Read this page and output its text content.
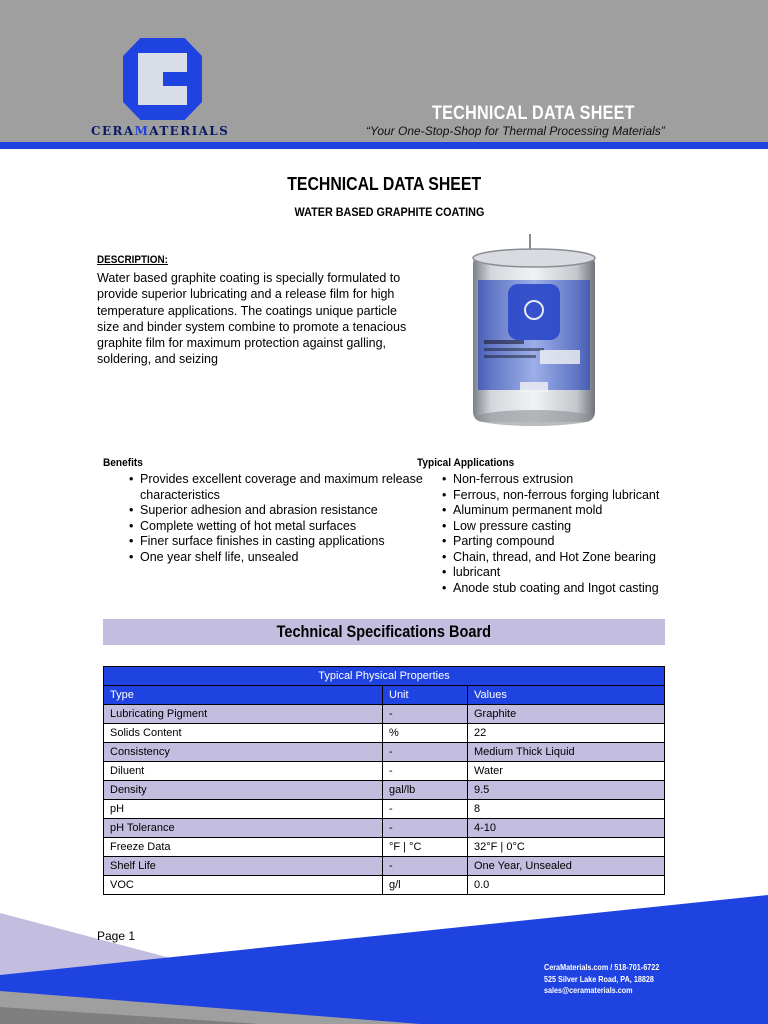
CERAMATERIALS
TECHNICAL DATA SHEET
“Your One-Stop-Shop for Thermal Processing Materials”
TECHNICAL DATA SHEET
WATER BASED GRAPHITE COATING
DESCRIPTION:
Water based graphite coating is specially formulated to provide superior lubricating and a release film for high temperature applications. The coatings unique particle size and binder system combine to promote a tenacious graphite film for maximum protection against galling, soldering, and seizing
Benefits
• Provides excellent coverage and maximum release characteristics
• Superior adhesion and abrasion resistance
• Complete wetting of hot metal surfaces
• Finer surface finishes in casting applications
• One year shelf life, unsealed
Typical Applications
• Non-ferrous extrusion
• Ferrous, non-ferrous forging lubricant
• Aluminum permanent mold
• Low pressure casting
• Parting compound
• Chain, thread, and Hot Zone bearing
• lubricant
• Anode stub coating and Ingot casting
Technical Specifications Board
Typical Physical Properties		
Type	Unit	Values
Lubricating Pigment	-	Graphite
Solids Content	%	22
Consistency	-	Medium Thick Liquid
Diluent	-	Water
Density	gal/lb	9.5
pH	-	8
pH Tolerance	-	4-10
Freeze Data	°F | °C	32°F | 0°C
Shelf Life	-	One Year, Unsealed
VOC	g/l	0.0
Page 1
CeraMaterials.com / 518-701-6722
525 Silver Lake Road, PA, 18828
sales@ceramaterials.com
